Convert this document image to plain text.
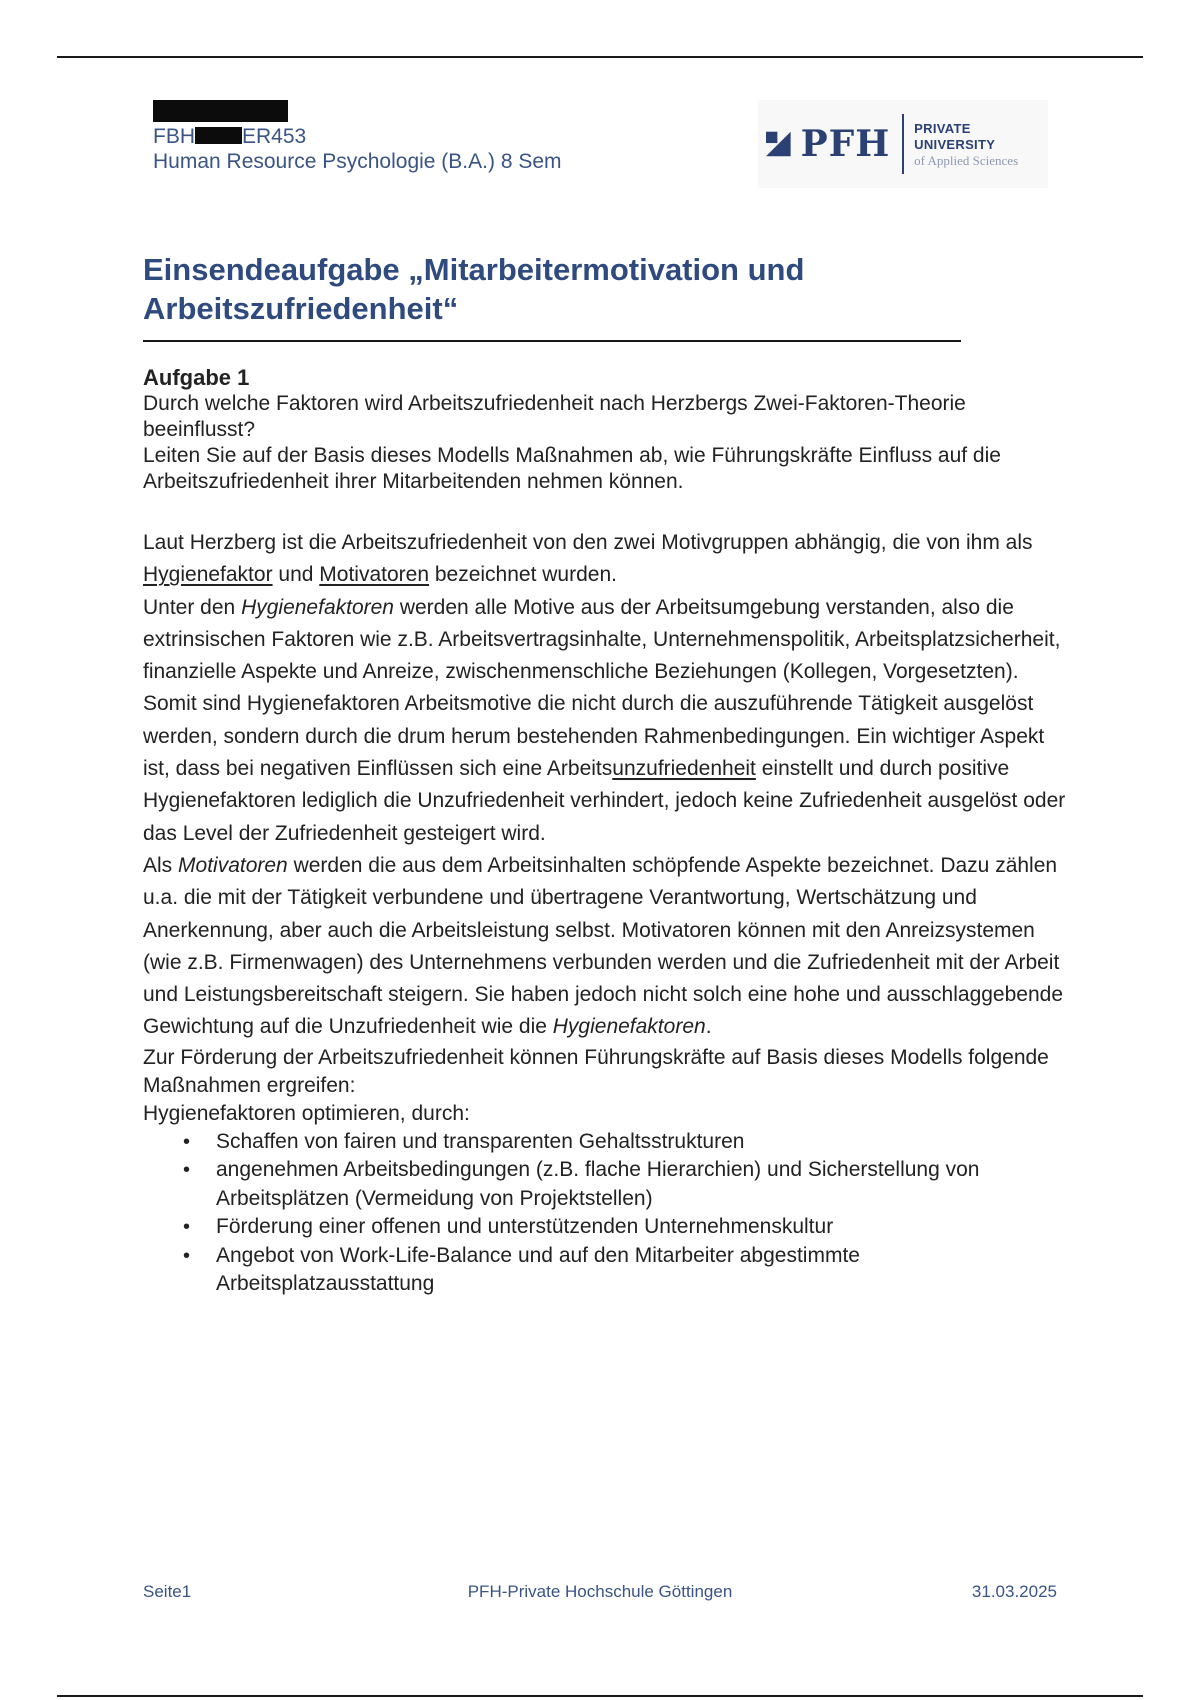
FBH ER453
Human Resource Psychologie (B.A.) 8 Sem	PFH PRIVATE UNIVERSITY
of Applied Sciences
Einsendeaufgabe „Mitarbeitermotivation und
Arbeitszufriedenheit“
Aufgabe 1

Durch welche Faktoren wird Arbeitszufriedenheit nach Herzbergs Zwei-Faktoren-Theorie beeinflusst?

Leiten Sie auf der Basis dieses Modells Maßnahmen ab, wie Führungskräfte Einfluss auf die Arbeitszufriedenheit ihrer Mitarbeitenden nehmen können.

Laut Herzberg ist die Arbeitszufriedenheit von den zwei Motivgruppen abhängig, die von ihm als Hygienefaktor und Motivatoren bezeichnet wurden.

Unter den Hygienefaktoren werden alle Motive aus der Arbeitsumgebung verstanden, also die extrinsischen Faktoren wie z.B. Arbeitsvertragsinhalte, Unternehmenspolitik, Arbeitsplatzsicherheit, finanzielle Aspekte und Anreize, zwischenmenschliche Beziehungen (Kollegen, Vorgesetzten). Somit sind Hygienefaktoren Arbeitsmotive die nicht durch die auszuführende Tätigkeit ausgelöst werden, sondern durch die drum herum bestehenden Rahmenbedingungen. Ein wichtiger Aspekt ist, dass bei negativen Einflüssen sich eine Arbeitsunzufriedenheit einstellt und durch positive Hygienefaktoren lediglich die Unzufriedenheit verhindert, jedoch keine Zufriedenheit ausgelöst oder das Level der Zufriedenheit gesteigert wird.

Als Motivatoren werden die aus dem Arbeitsinhalten schöpfende Aspekte bezeichnet. Dazu zählen u.a. die mit der Tätigkeit verbundene und übertragene Verantwortung, Wertschätzung und Anerkennung, aber auch die Arbeitsleistung selbst. Motivatoren können mit den Anreizsystemen (wie z.B. Firmenwagen) des Unternehmens verbunden werden und die Zufriedenheit mit der Arbeit und Leistungsbereitschaft steigern. Sie haben jedoch nicht solch eine hohe und ausschlaggebende Gewichtung auf die Unzufriedenheit wie die Hygienefaktoren.

Zur Förderung der Arbeitszufriedenheit können Führungskräfte auf Basis dieses Modells folgende Maßnahmen ergreifen:

Hygienefaktoren optimieren, durch:

• Schaffen von fairen und transparenten Gehaltsstrukturen
• angenehmen Arbeitsbedingungen (z.B. flache Hierarchien) und Sicherstellung von Arbeitsplätzen (Vermeidung von Projektstellen)
• Förderung einer offenen und unterstützenden Unternehmenskultur
• Angebot von Work-Life-Balance und auf den Mitarbeiter abgestimmte Arbeitsplatzausstattung
Seite1	PFH-Private Hochschule Göttingen	31.03.2025
